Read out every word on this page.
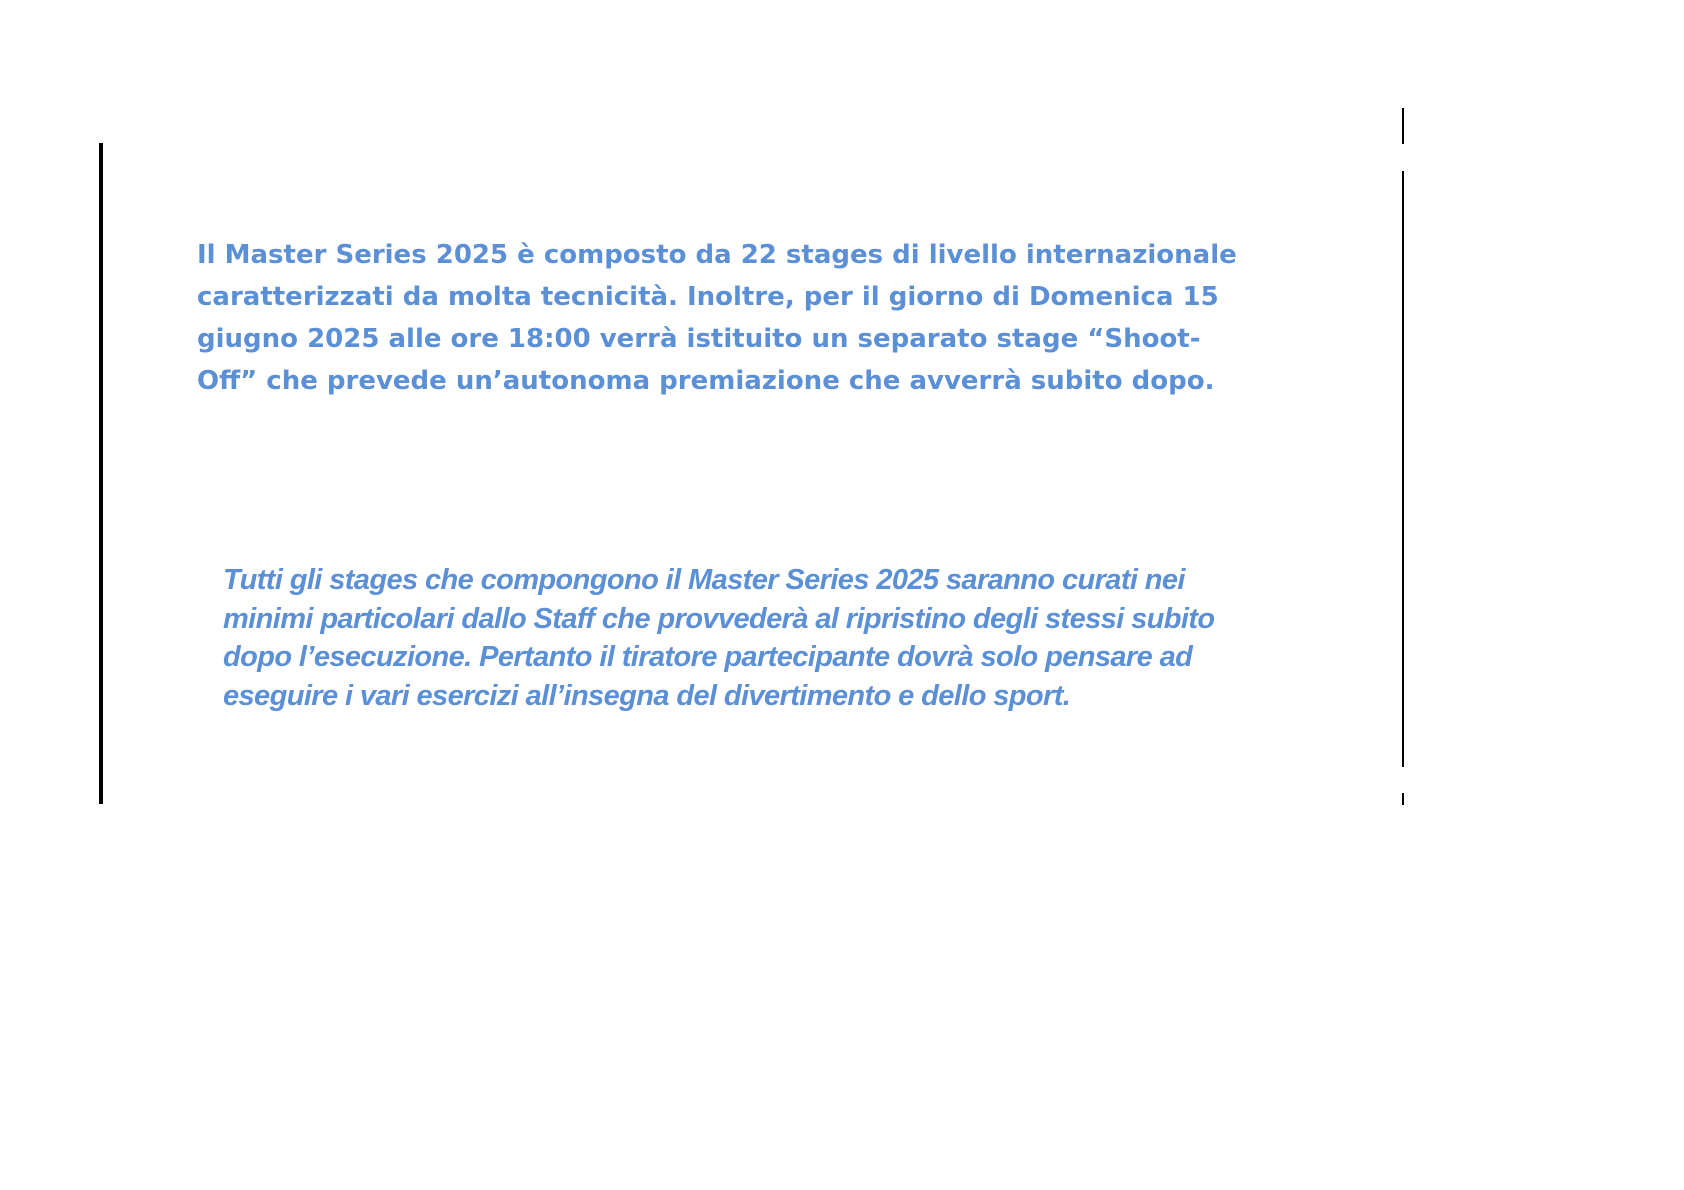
Il Master Series 2025 è composto da 22 stages di livello internazionale
caratterizzati da molta tecnicità. Inoltre, per il giorno di Domenica 15
giugno 2025 alle ore 18:00 verrà istituito un separato stage “Shoot-
Off” che prevede un’autonoma premiazione che avverrà subito dopo.

Tutti gli stages che compongono il Master Series 2025 saranno curati nei
minimi particolari dallo Staff che provvederà al ripristino degli stessi subito
dopo l’esecuzione. Pertanto il tiratore partecipante dovrà solo pensare ad
eseguire i vari esercizi all’insegna del divertimento e dello sport.
